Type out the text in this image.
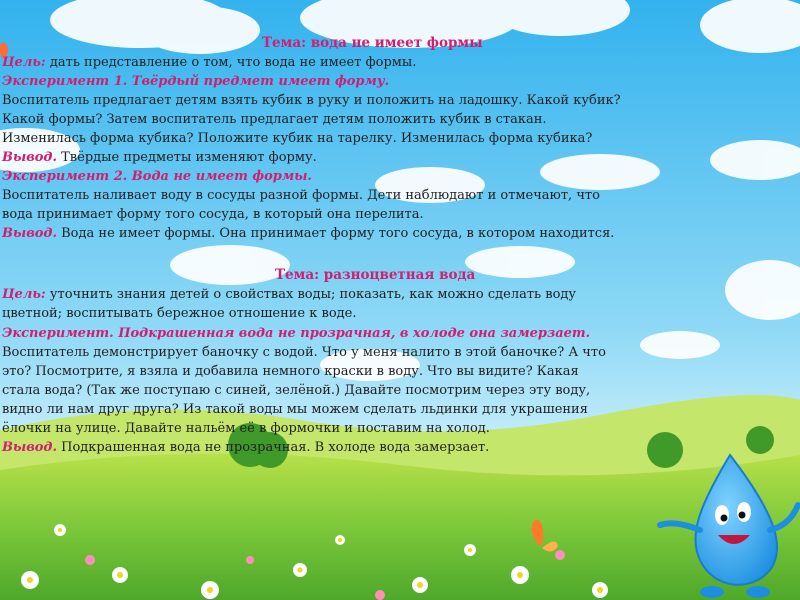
Тема: вода не имеет формы
Цель: дать представление о том, что вода не имеет формы.
Эксперимент 1. Твёрдый предмет имеет форму.
Воспитатель предлагает детям взять кубик в руку и положить на ладошку. Какой кубик?
Какой формы? Затем воспитатель предлагает детям положить кубик в стакан.
Изменилась форма кубика? Положите кубик на тарелку. Изменилась форма кубика?
Вывод. Твёрдые предметы изменяют форму.
Эксперимент 2. Вода не имеет формы.
Воспитатель наливает воду в сосуды разной формы. Дети наблюдают и отмечают, что
вода принимает форму того сосуда, в который она перелита.
Вывод. Вода не имеет формы. Она принимает форму того сосуда, в котором находится.
Тема: разноцветная вода
Цель: уточнить знания детей о свойствах воды; показать, как можно сделать воду
цветной; воспитывать бережное отношение к воде.
Эксперимент. Подкрашенная вода не прозрачная, в холоде она замерзает.
Воспитатель демонстрирует баночку с водой. Что у меня налито в этой баночке? А что
это? Посмотрите, я взяла и добавила немного краски в воду. Что вы видите? Какая
стала вода? (Так же поступаю с синей, зелёной.) Давайте посмотрим через эту воду,
видно ли нам друг друга? Из такой воды мы можем сделать льдинки для украшения
ёлочки на улице. Давайте нальём её в формочки и поставим на холод.
Вывод. Подкрашенная вода не прозрачная. В холоде вода замерзает.
